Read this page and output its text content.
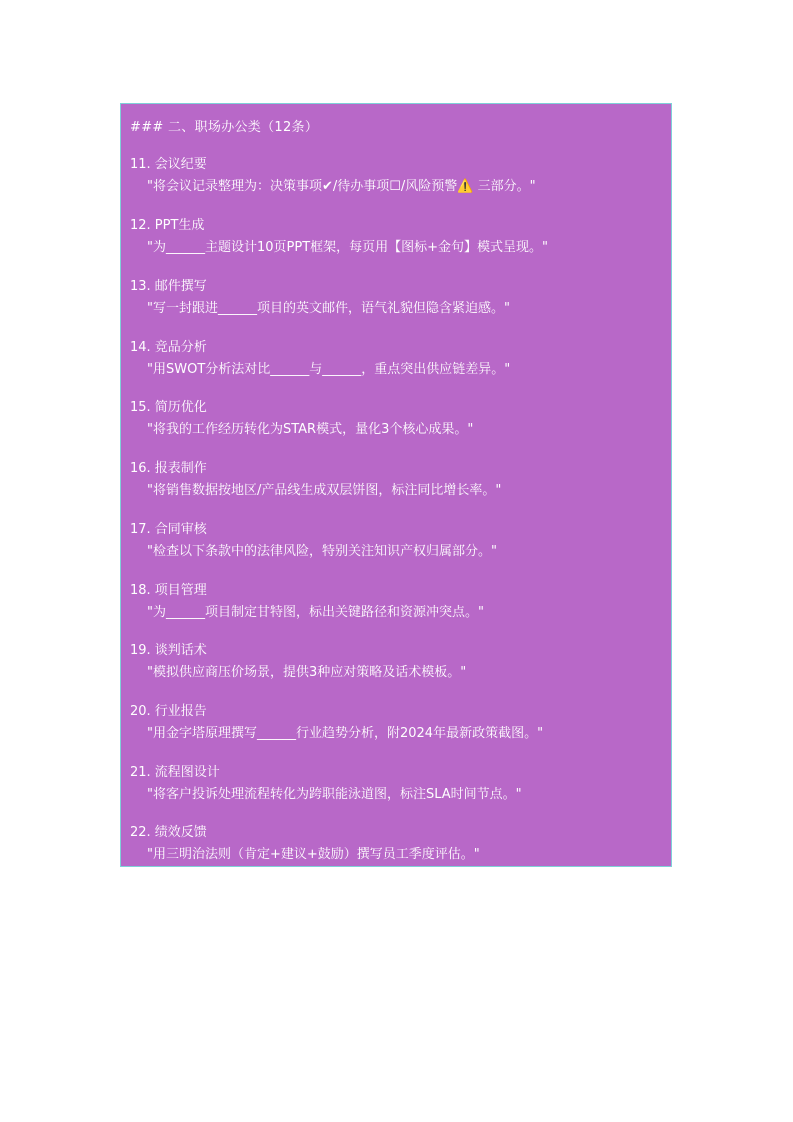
### 二、职场办公类（12条）
11. 会议纪要
"将会议记录整理为：决策事项✔/待办事项☐/风险预警⚠️ 三部分。"
12. PPT生成
"为______主题设计10页PPT框架，每页用【图标+金句】模式呈现。"
13. 邮件撰写
"写一封跟进______项目的英文邮件，语气礼貌但隐含紧迫感。"
14. 竞品分析
"用SWOT分析法对比______与______，重点突出供应链差异。"
15. 简历优化
"将我的工作经历转化为STAR模式，量化3个核心成果。"
16. 报表制作
"将销售数据按地区/产品线生成双层饼图，标注同比增长率。"
17. 合同审核
"检查以下条款中的法律风险，特别关注知识产权归属部分。"
18. 项目管理
"为______项目制定甘特图，标出关键路径和资源冲突点。"
19. 谈判话术
"模拟供应商压价场景，提供3种应对策略及话术模板。"
20. 行业报告
"用金字塔原理撰写______行业趋势分析，附2024年最新政策截图。"
21. 流程图设计
"将客户投诉处理流程转化为跨职能泳道图，标注SLA时间节点。"
22. 绩效反馈
"用三明治法则（肯定+建议+鼓励）撰写员工季度评估。"
